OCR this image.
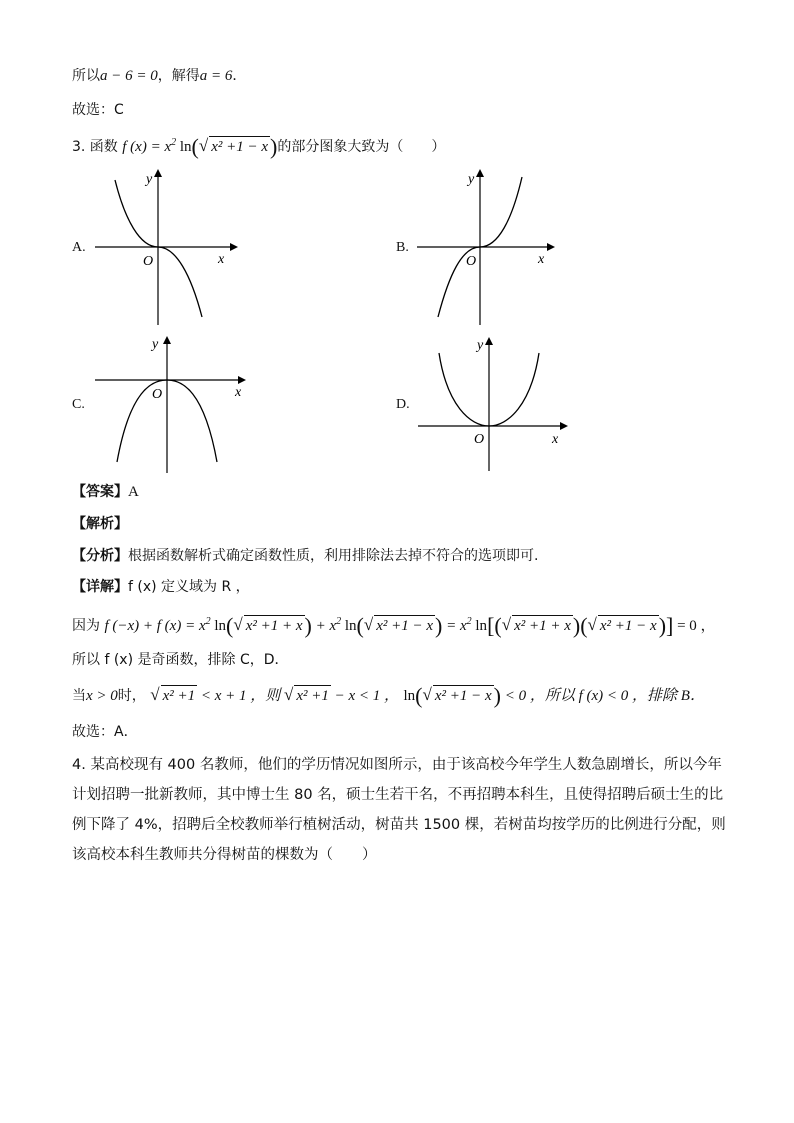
所以a − 6 = 0，解得a = 6．
故选：C
3. 函数 f $(x) = x^2$ ln(√ x² +1 − x)的部分图象大致为（　　）
A.
y
x
O
B.
y
x
O
C.
y
x
O
D.
y
x
O
【答案】A
【解析】
【分析】根据函数解析式确定函数性质，利用排除法去掉不符合的选项即可.
【详解】f (x) 定义域为 R ，
因为 f (−x) + f $(x) = x^2$ ln(√ $x^2 +1 + x) + x^2$ ln(√ $x^2 +1 - x) = x^2$ ln[(√ x² +1 + x)(√ x² +1 − x)] = 0 ，
所以 f (x) 是奇函数，排除 C，D．
当x > 0时， √ x² +1 < x + 1 ，则 √ x² +1 − x < 1 ， ln(√ x² +1 − x) < 0 ，所以 f (x) < 0 ，排除 B．
故选：A．
4. 某高校现有 400 名教师，他们的学历情况如图所示，由于该高校今年学生人数急剧增长，所以今年计划招聘一批新教师，其中博士生 80 名，硕士生若干名，不再招聘本科生，且使得招聘后硕士生的比例下降了 4%，招聘后全校教师举行植树活动，树苗共 1500 棵，若树苗均按学历的比例进行分配，则该高校本科生教师共分得树苗的棵数为（　　）
